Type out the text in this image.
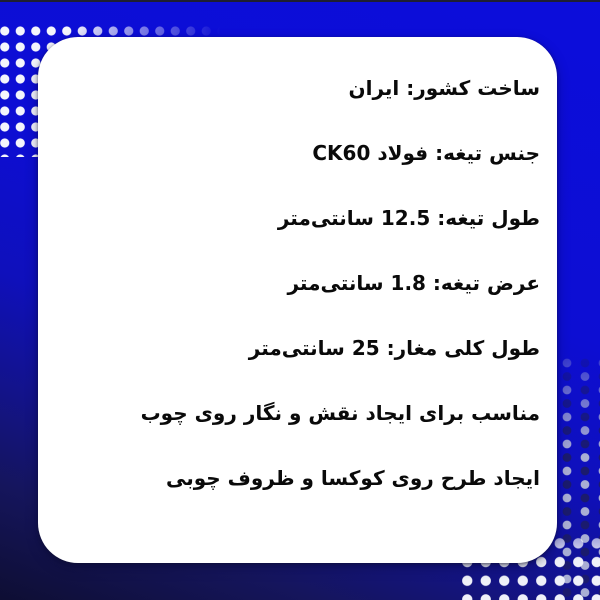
ساخت کشور: ایران
جنس تیغه: فولاد CK60
طول تیغه: 12.5 سانتی‌متر
عرض تیغه: 1.8 سانتی‌متر
طول کلی مغار: 25 سانتی‌متر
مناسب برای ایجاد نقش و نگار روی چوب
ایجاد طرح روی کوکسا و ظروف چوبی
